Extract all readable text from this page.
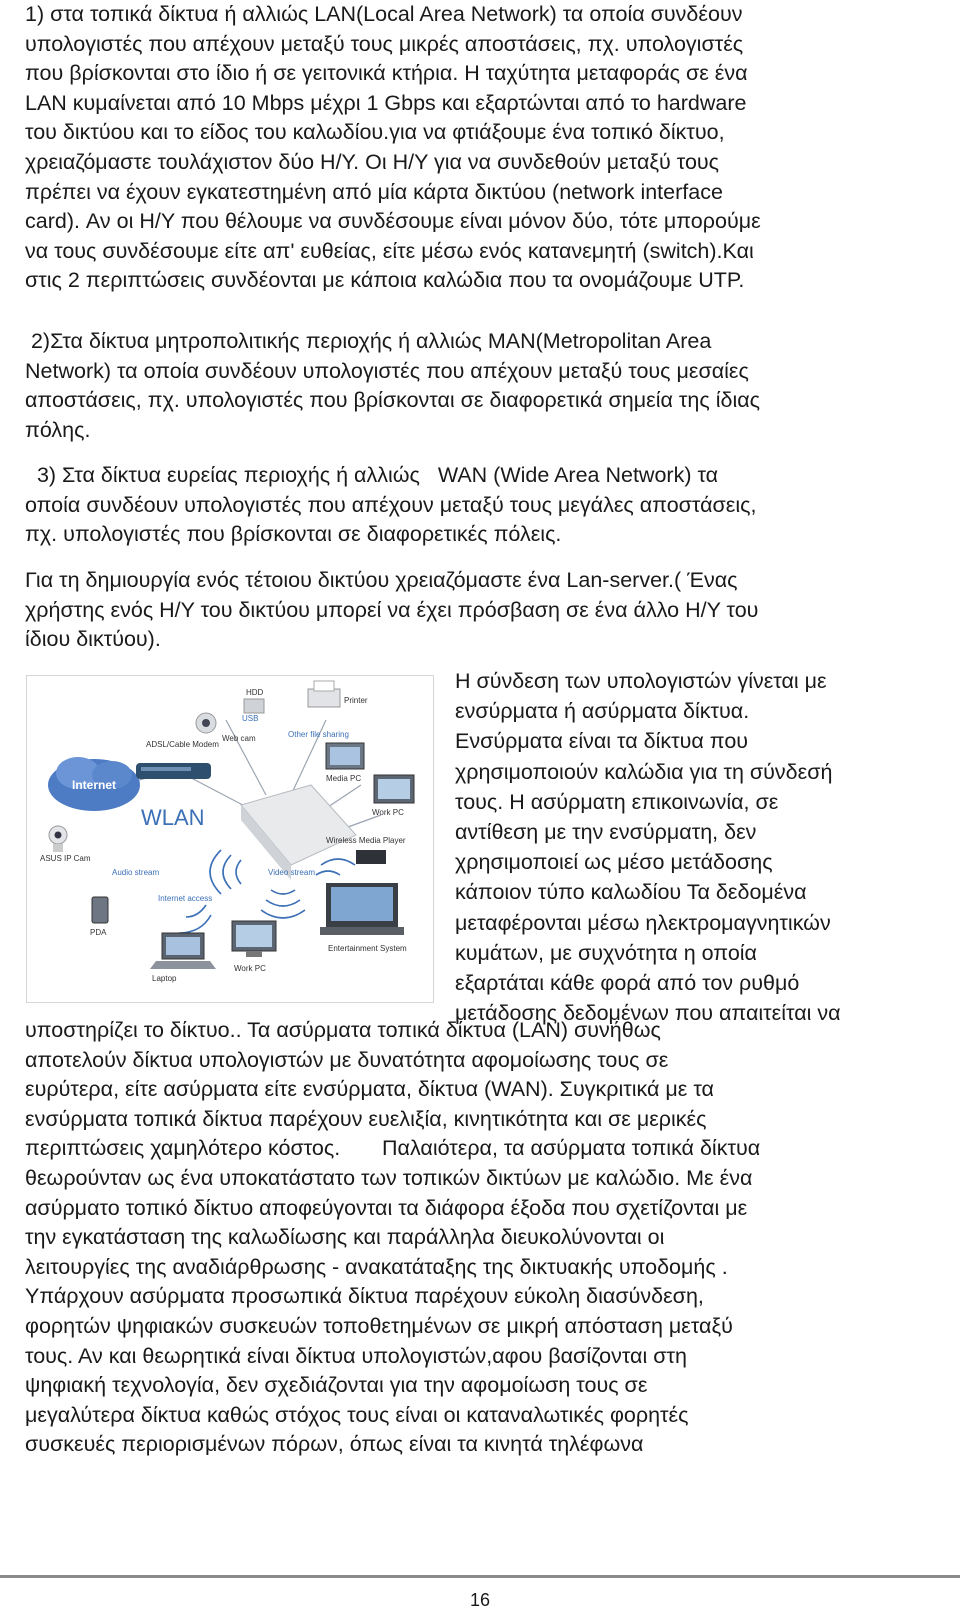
1) στα τοπικά δίκτυα ή αλλιώς LAN(Local Area Network) τα οποία συνδέουν
υπολογιστές που απέχουν μεταξύ τους μικρές αποστάσεις, πχ. υπολογιστές
που βρίσκονται στο ίδιο ή σε γειτονικά κτήρια. Η ταχύτητα μεταφοράς σε ένα
LAN κυμαίνεται από 10 Mbps μέχρι 1 Gbps και εξαρτώνται από το hardware
του δικτύου και το είδος του καλωδίου.για να φτιάξουμε ένα τοπικό δίκτυο,
χρειαζόμαστε τουλάχιστον δύο Η/Υ. Οι Η/Υ για να συνδεθούν μεταξύ τους
πρέπει να έχουν εγκατεστημένη από μία κάρτα δικτύου (network interface
card). Αν οι Η/Υ που θέλουμε να συνδέσουμε είναι μόνον δύο, τότε μπορούμε
να τους συνδέσουμε είτε απ' ευθείας, είτε μέσω ενός κατανεμητή (switch).Και
στις 2 περιπτώσεις συνδέονται με κάποια καλώδια που τα ονομάζουμε UTP.

2)Στα δίκτυα μητροπολιτικής περιοχής ή αλλιώς MAN(Metropolitan Area
Network) τα οποία συνδέουν υπολογιστές που απέχουν μεταξύ τους μεσαίες
αποστάσεις, πχ. υπολογιστές που βρίσκονται σε διαφορετικά σημεία της ίδιας
πόλης.

3) Στα δίκτυα ευρείας περιοχής ή αλλιώς   WAN (Wide Area Network) τα
οποία συνδέουν υπολογιστές που απέχουν μεταξύ τους μεγάλες αποστάσεις,
πχ. υπολογιστές που βρίσκονται σε διαφορετικές πόλεις.

Για τη δημιουργία ενός τέτοιου δικτύου χρειαζόμαστε ένα Lan-server.( Ένας
χρήστης ενός Η/Υ του δικτύου μπορεί να έχει πρόσβαση σε ένα άλλο Η/Υ του
ίδιου δικτύου).

Internet
WLAN
ADSL/Cable Modem
Web cam
HDD
USB
Printer
Other file sharing
Media PC
Work PC
Wireless Media Player
Entertainment System
Audio stream	Video stream
Internet access
ASUS IP Cam
PDA
Laptop
Work PC
Η σύνδεση των υπολογιστών γίνεται με
ενσύρματα ή ασύρματα δίκτυα.
Ενσύρματα είναι τα δίκτυα που
χρησιμοποιούν καλώδια για τη σύνδεσή
τους. Η ασύρματη επικοινωνία, σε
αντίθεση με την ενσύρματη, δεν
χρησιμοποιεί ως μέσο μετάδοσης
κάποιον τύπο καλωδίου Τα δεδομένα
μεταφέρονται μέσω ηλεκτρομαγνητικών
κυμάτων, με συχνότητα η οποία
εξαρτάται κάθε φορά από τον ρυθμό
μετάδοσης δεδομένων που απαιτείται να
υποστηρίζει το δίκτυο.. Τα ασύρματα τοπικά δίκτυα (LAN) συνήθως
αποτελούν δίκτυα υπολογιστών με δυνατότητα αφομοίωσης τους σε
ευρύτερα, είτε ασύρματα είτε ενσύρματα, δίκτυα (WAN). Συγκριτικά με τα
ενσύρματα τοπικά δίκτυα παρέχουν ευελιξία, κινητικότητα και σε μερικές
περιπτώσεις χαμηλότερο κόστος.       Παλαιότερα, τα ασύρματα τοπικά δίκτυα
θεωρούνταν ως ένα υποκατάστατο των τοπικών δικτύων με καλώδιο. Με ένα
ασύρματο τοπικό δίκτυο αποφεύγονται τα διάφορα έξοδα που σχετίζονται με
την εγκατάσταση της καλωδίωσης και παράλληλα διευκολύνονται οι
λειτουργίες της αναδιάρθρωσης - ανακατάταξης της δικτυακής υποδομής .
Υπάρχουν ασύρματα προσωπικά δίκτυα παρέχουν εύκολη διασύνδεση,
φορητών ψηφιακών συσκευών τοποθετημένων σε μικρή απόσταση μεταξύ
τους. Αν και θεωρητικά είναι δίκτυα υπολογιστών,αφου βασίζονται στη
ψηφιακή τεχνολογία, δεν σχεδιάζονται για την αφομοίωση τους σε
μεγαλύτερα δίκτυα καθώς στόχος τους είναι οι καταναλωτικές φορητές
συσκευές περιορισμένων πόρων, όπως είναι τα κινητά τηλέφωνα
16
